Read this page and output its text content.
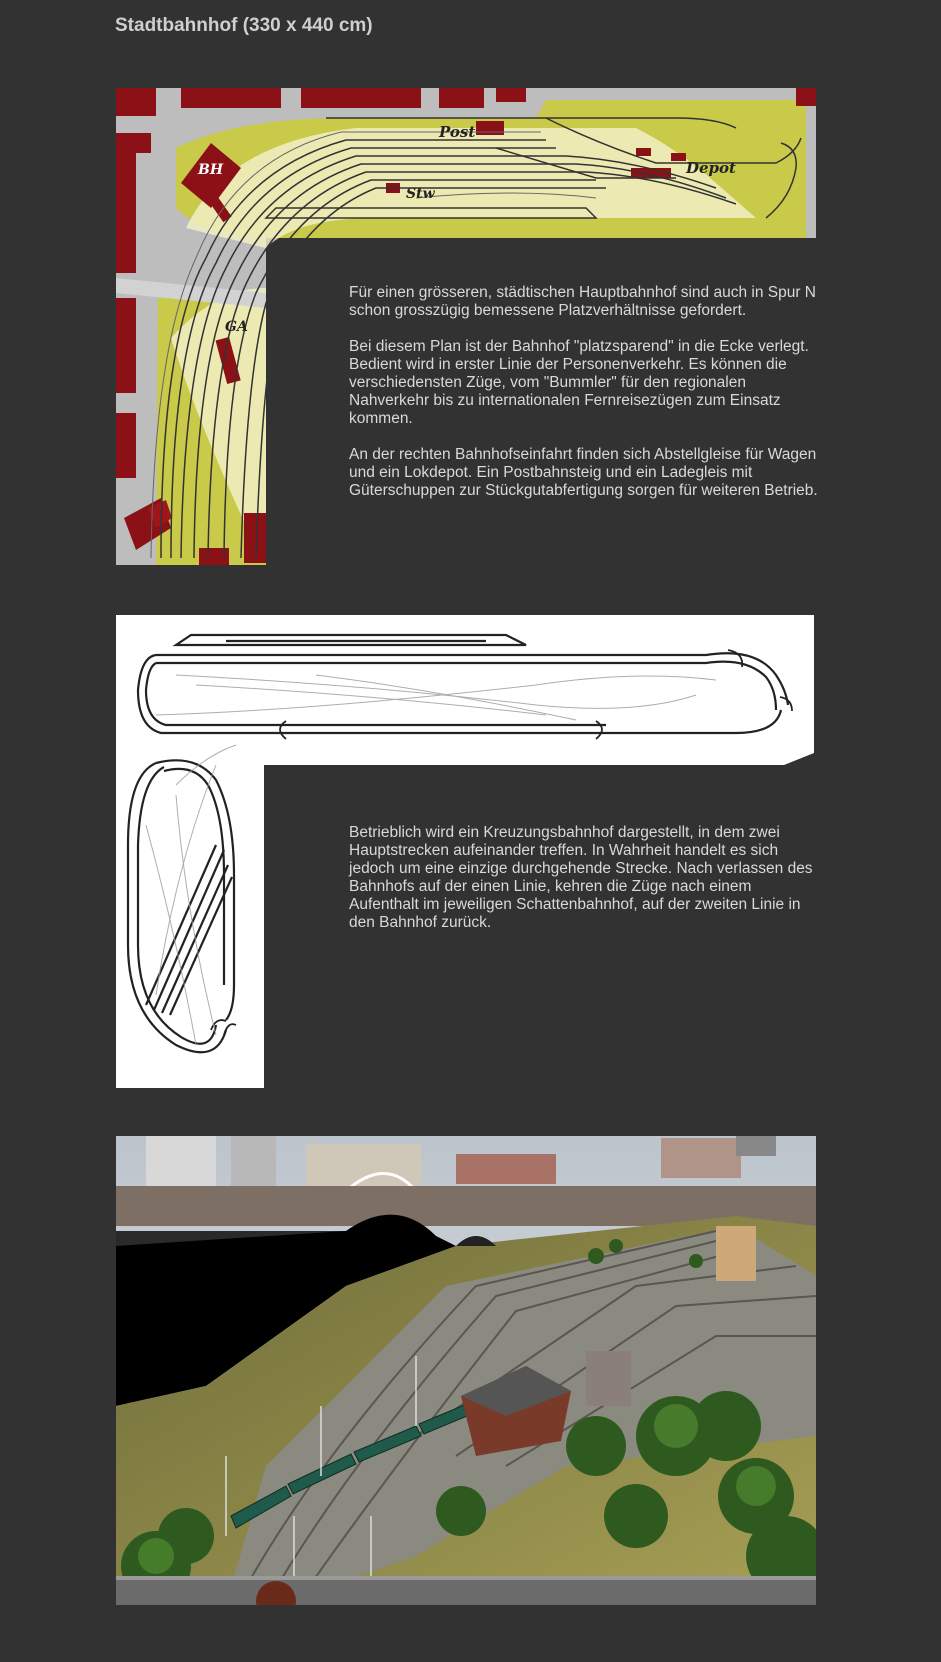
Stadtbahnhof (330 x 440 cm)
BH
Post
Depot
Stw
GA

Für einen grösseren, städtischen Hauptbahnhof sind auch in Spur N schon grosszügig bemessene Platzverhältnisse gefordert.

Bei diesem Plan ist der Bahnhof "platzsparend" in die Ecke verlegt. Bedient wird in erster Linie der Personenverkehr. Es können die verschiedensten Züge, vom "Bummler" für den regionalen Nahverkehr bis zu internationalen Fernreisezügen zum Einsatz kommen.

An der rechten Bahnhofseinfahrt finden sich Abstellgleise für Wagen und ein Lokdepot. Ein Postbahnsteig und ein Ladegleis mit Güterschuppen zur Stückgutabfertigung sorgen für weiteren Betrieb.

Betrieblich wird ein Kreuzungsbahnhof dargestellt, in dem zwei Hauptstrecken aufeinander treffen. In Wahrheit handelt es sich jedoch um eine einzige durchgehende Strecke. Nach verlassen des Bahnhofs auf der einen Linie, kehren die Züge nach einem Aufenthalt im jeweiligen Schattenbahnhof, auf der zweiten Linie in den Bahnhof zurück.
